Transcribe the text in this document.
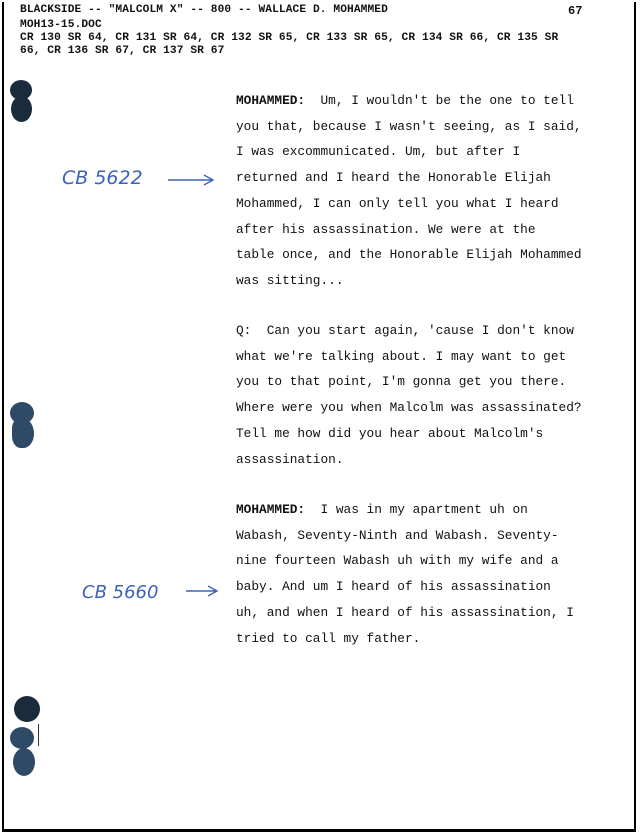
BLACKSIDE -- "MALCOLM X" -- 800 -- WALLACE D. MOHAMMED	67
MOH13-15.DOC
CR 130 SR 64, CR 131 SR 64, CR 132 SR 65, CR 133 SR 65, CR 134 SR 66, CR 135 SR
66, CR 136 SR 67, CR 137 SR 67
CB 5622
CB 5660

MOHAMMED: Um, I wouldn't be the one to tell

you that, because I wasn't seeing, as I said,

I was excommunicated. Um, but after I

returned and I heard the Honorable Elijah

Mohammed, I can only tell you what I heard

after his assassination. We were at the

table once, and the Honorable Elijah Mohammed

was sitting...

Q: Can you start again, 'cause I don't know

what we're talking about. I may want to get

you to that point, I'm gonna get you there.

Where were you when Malcolm was assassinated?

Tell me how did you hear about Malcolm's

assassination.

MOHAMMED: I was in my apartment uh on

Wabash, Seventy-Ninth and Wabash. Seventy-

nine fourteen Wabash uh with my wife and a

baby. And um I heard of his assassination

uh, and when I heard of his assassination, I

tried to call my father.
